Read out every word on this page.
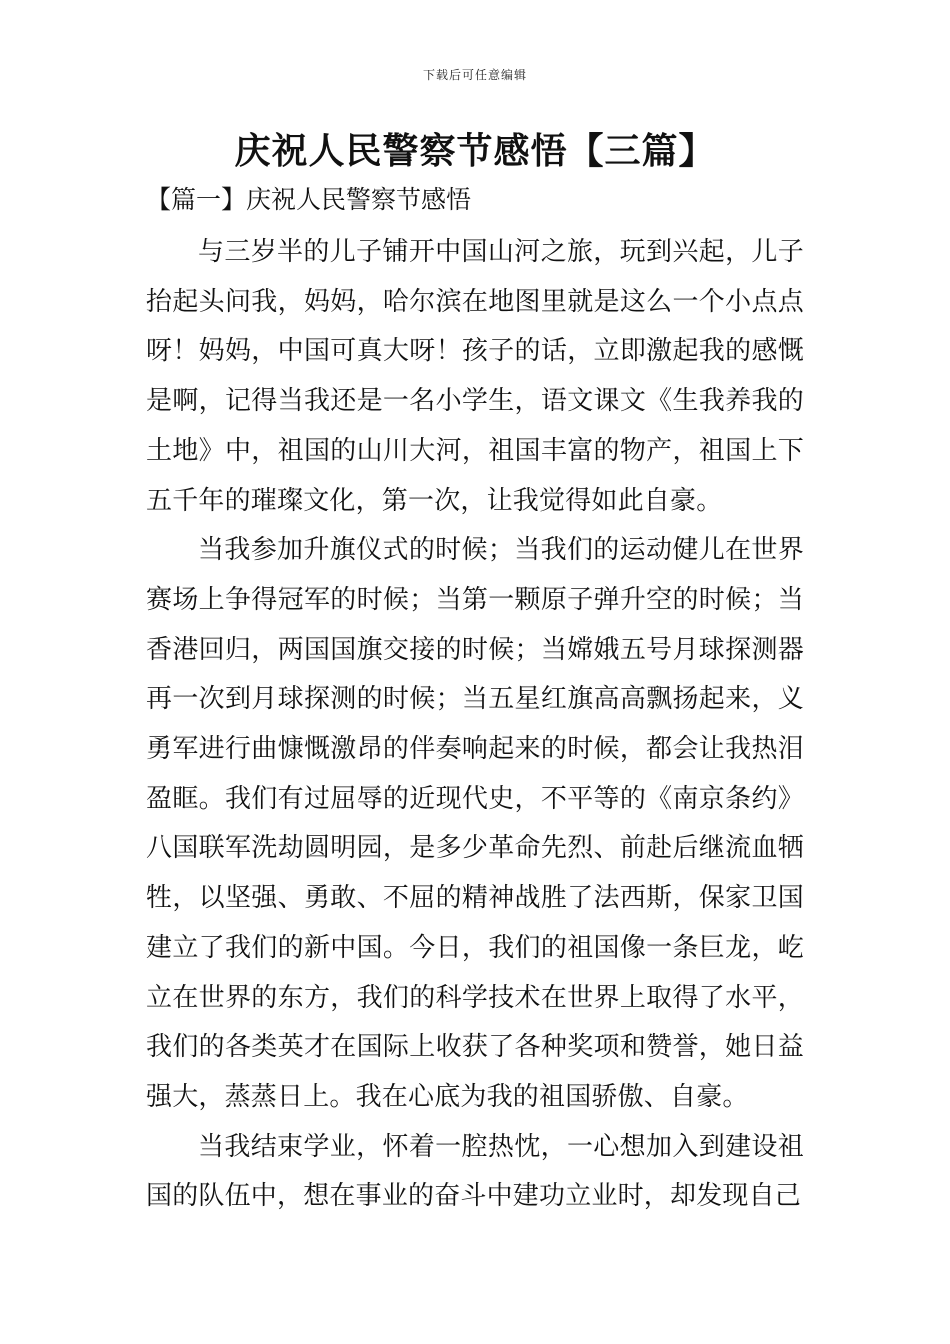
下载后可任意编辑
庆祝人民警察节感悟【三篇】
【篇一】庆祝人民警察节感悟

与三岁半的儿子铺开中国山河之旅，玩到兴起，儿子抬起头问我，妈妈，哈尔滨在地图里就是这么一个小点点呀！妈妈，中国可真大呀！孩子的话，立即激起我的感慨是啊，记得当我还是一名小学生，语文课文《生我养我的土地》中，祖国的山川大河，祖国丰富的物产，祖国上下五千年的璀璨文化，第一次，让我觉得如此自豪。

当我参加升旗仪式的时候；当我们的运动健儿在世界赛场上争得冠军的时候；当第一颗原子弹升空的时候；当香港回归，两国国旗交接的时候；当嫦娥五号月球探测器再一次到月球探测的时候；当五星红旗高高飘扬起来，义勇军进行曲慷慨激昂的伴奏响起来的时候，都会让我热泪盈眶。我们有过屈辱的近现代史，不平等的《南京条约》八国联军洗劫圆明园，是多少革命先烈、前赴后继流血牺牲，以坚强、勇敢、不屈的精神战胜了法西斯，保家卫国建立了我们的新中国。今日，我们的祖国像一条巨龙，屹立在世界的东方，我们的科学技术在世界上取得了水平，我们的各类英才在国际上收获了各种奖项和赞誉，她日益强大，蒸蒸日上。我在心底为我的祖国骄傲、自豪。

当我结束学业，怀着一腔热忱，一心想加入到建设祖国的队伍中，想在事业的奋斗中建功立业时，却发现自己
